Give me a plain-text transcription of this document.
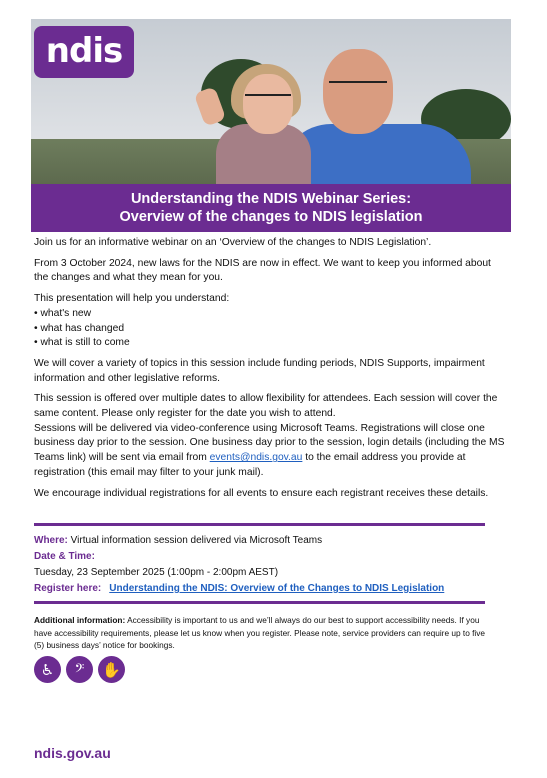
ndis
Understanding the NDIS Webinar Series:
Overview of the changes to NDIS legislation

Join us for an informative webinar on an ‘Overview of the changes to NDIS Legislation’.

From 3 October 2024, new laws for the NDIS are now in effect. We want to keep you informed about the changes and what they mean for you.

This presentation will help you understand:

• what's new
• what has changed
• what is still to come

We will cover a variety of topics in this session include funding periods, NDIS Supports, impairment information and other legislative reforms.

This session is offered over multiple dates to allow flexibility for attendees. Each session will cover the same content. Please only register for the date you wish to attend.

Sessions will be delivered via video-conference using Microsoft Teams. Registrations will close one business day prior to the session. One business day prior to the session, login details (including the MS Teams link) will be sent via email from events@ndis.gov.au to the email address you provide at registration (this email may filter to your junk mail).

We encourage individual registrations for all events to ensure each registrant receives these details.

Where: Virtual information session delivered via Microsoft Teams
Date & Time:
Tuesday, 23 September 2025 (1:00pm - 2:00pm AEST)
Register here: Understanding the NDIS: Overview of the Changes to NDIS Legislation
Additional information: Accessibility is important to us and we’ll always do our best to support accessibility needs. If you have accessibility requirements, please let us know when you register. Please note, service providers can require up to five (5) business days’ notice for bookings.
♿	𝄢	✋
ndis.gov.au
